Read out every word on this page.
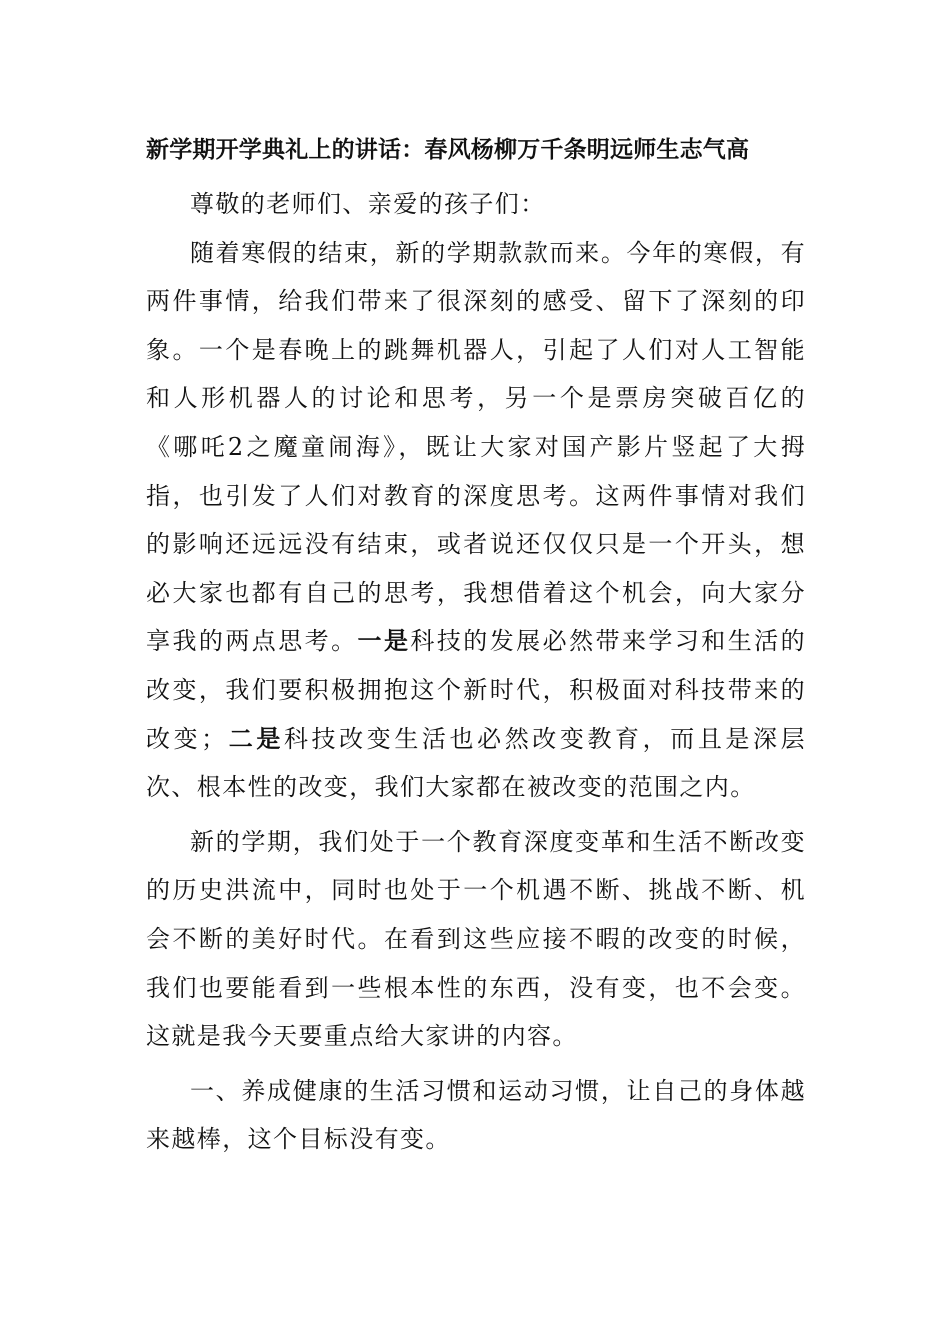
新学期开学典礼上的讲话：春风杨柳万千条明远师生志气高

尊敬的老师们、亲爱的孩子们：

随着寒假的结束，新的学期款款而来。今年的寒假，有两件事情，给我们带来了很深刻的感受、留下了深刻的印象。一个是春晚上的跳舞机器人，引起了人们对人工智能和人形机器人的讨论和思考，另一个是票房突破百亿的《哪吒2之魔童闹海》，既让大家对国产影片竖起了大拇指，也引发了人们对教育的深度思考。这两件事情对我们的影响还远远没有结束，或者说还仅仅只是一个开头，想必大家也都有自己的思考，我想借着这个机会，向大家分享我的两点思考。一是科技的发展必然带来学习和生活的改变，我们要积极拥抱这个新时代，积极面对科技带来的改变；二是科技改变生活也必然改变教育，而且是深层次、根本性的改变，我们大家都在被改变的范围之内。

新的学期，我们处于一个教育深度变革和生活不断改变的历史洪流中，同时也处于一个机遇不断、挑战不断、机会不断的美好时代。在看到这些应接不暇的改变的时候，我们也要能看到一些根本性的东西，没有变，也不会变。这就是我今天要重点给大家讲的内容。

一、养成健康的生活习惯和运动习惯，让自己的身体越来越棒，这个目标没有变。
